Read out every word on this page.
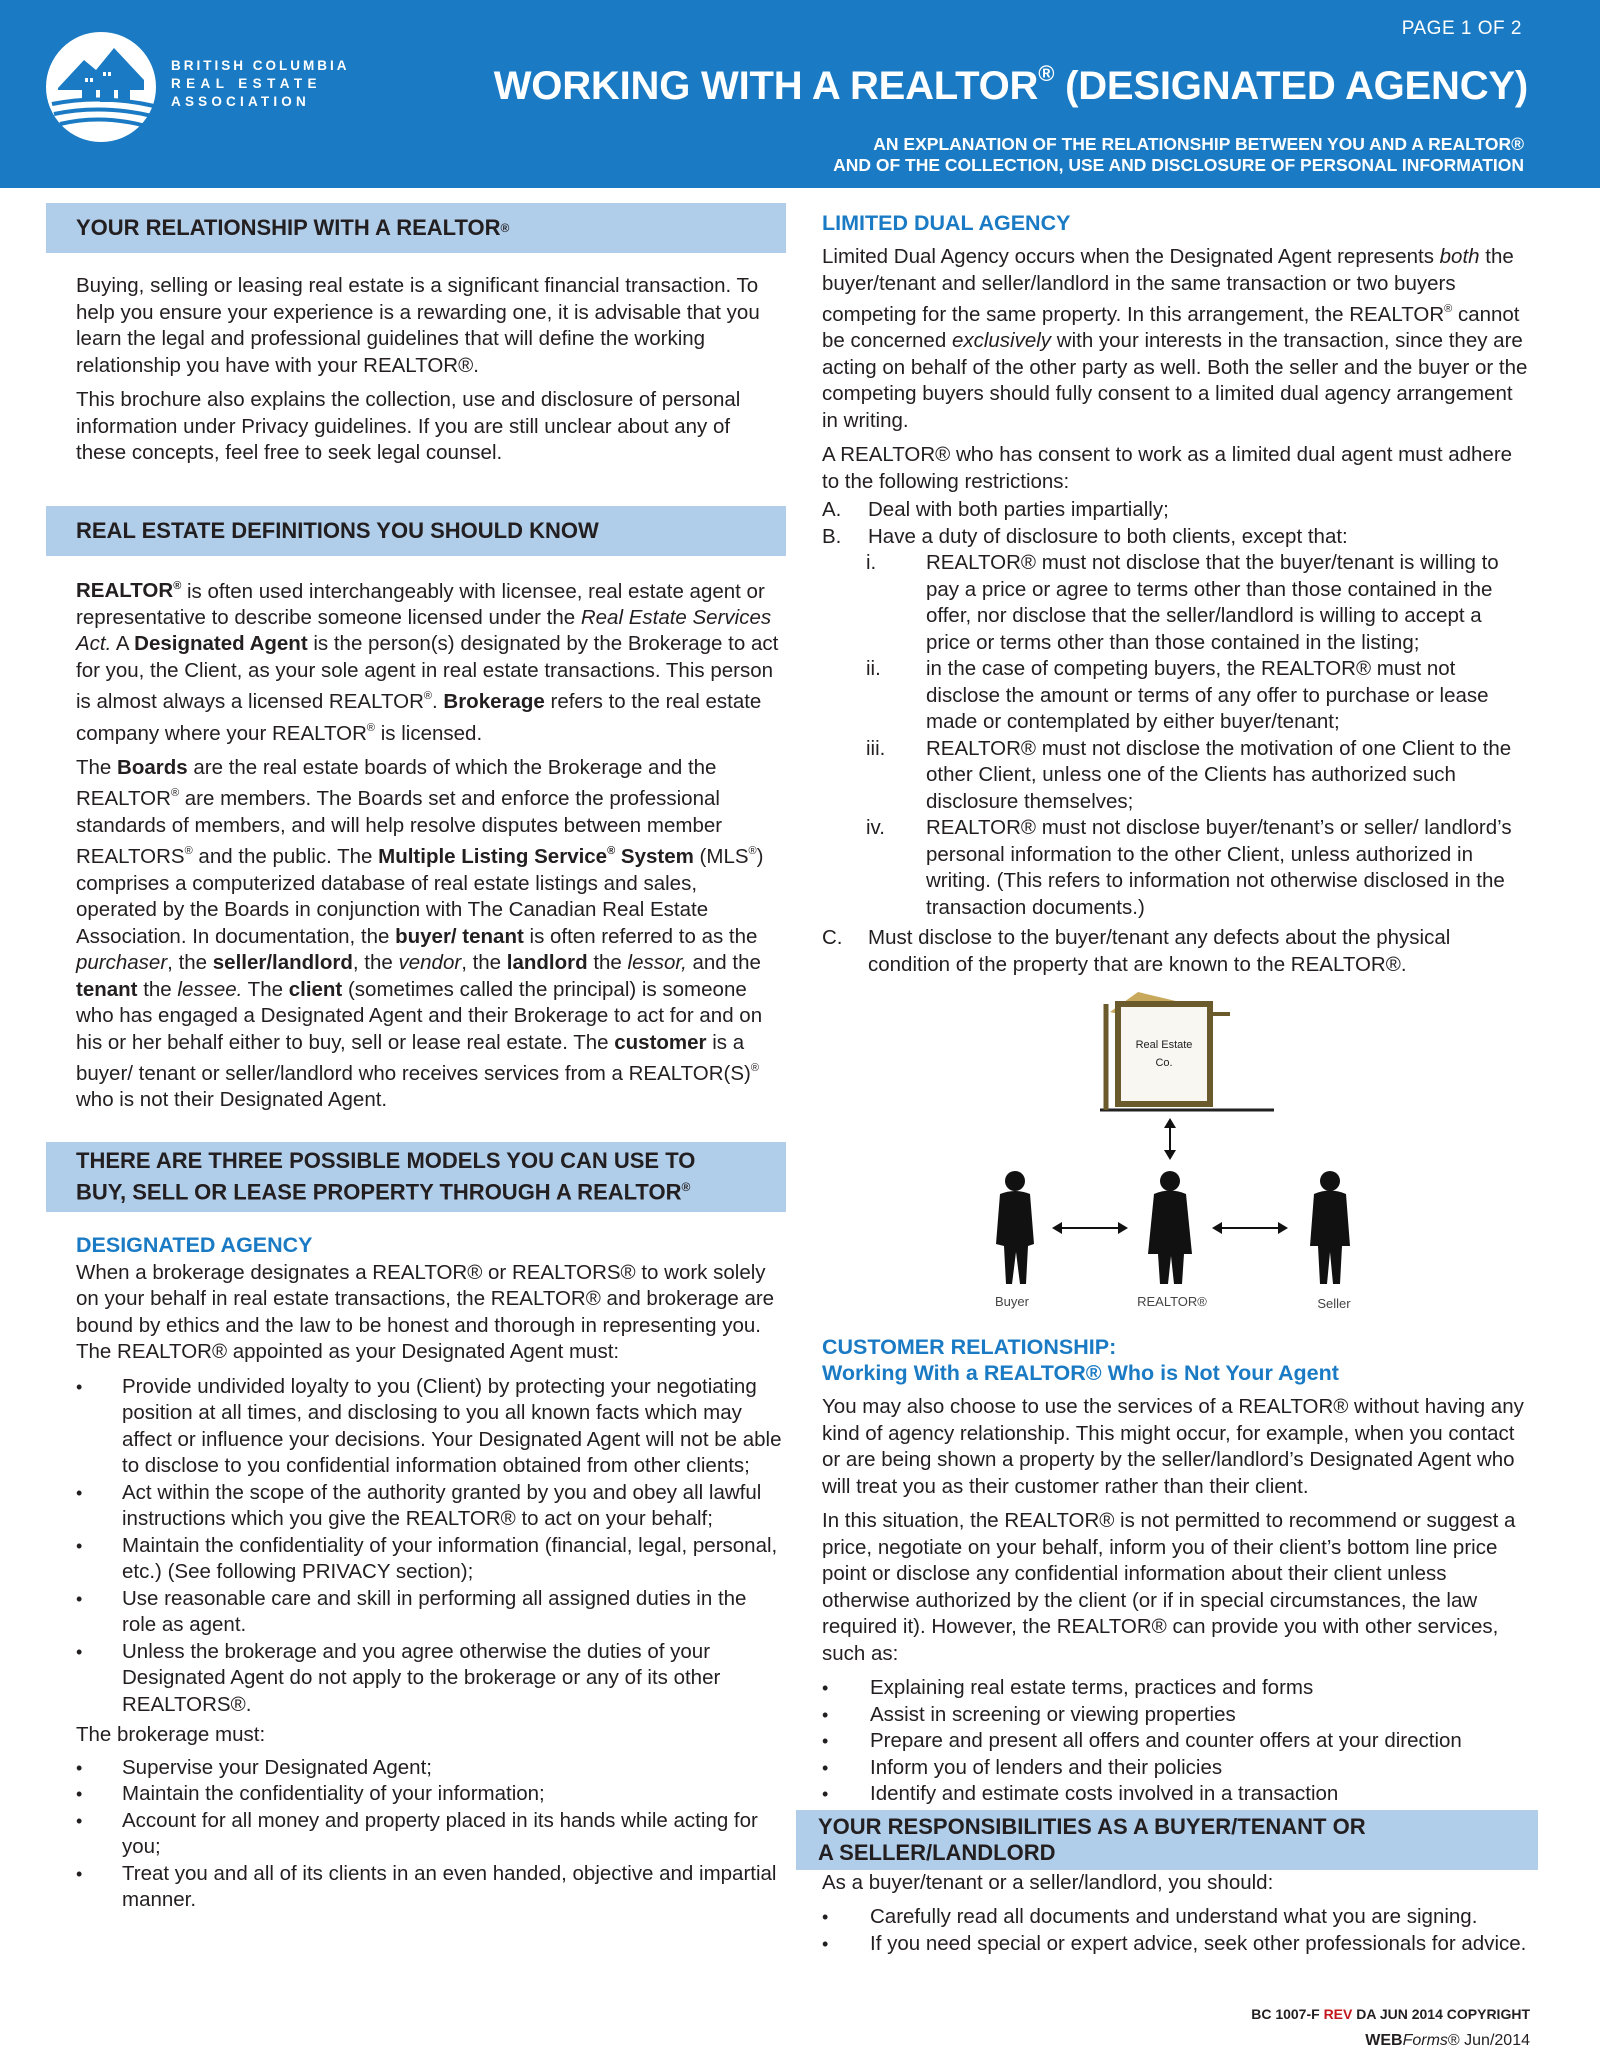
BRITISH COLUMBIA
REAL ESTATE
ASSOCIATION
PAGE 1 OF 2
WORKING WITH A REALTOR® (DESIGNATED AGENCY)
AN EXPLANATION OF THE RELATIONSHIP BETWEEN YOU AND A REALTOR®
AND OF THE COLLECTION, USE AND DISCLOSURE OF PERSONAL INFORMATION
YOUR RELATIONSHIP WITH A REALTOR ®

Buying, selling or leasing real estate is a significant financial transaction. To help you ensure your experience is a rewarding one, it is advisable that you learn the legal and professional guidelines that will define the working relationship you have with your REALTOR®.

This brochure also explains the collection, use and disclosure of personal information under Privacy guidelines. If you are still unclear about any of these concepts, feel free to seek legal counsel.

REAL ESTATE DEFINITIONS YOU SHOULD KNOW

REALTOR® is often used interchangeably with licensee, real estate agent or representative to describe someone licensed under the Real Estate Services Act. A Designated Agent is the person(s) designated by the Brokerage to act for you, the Client, as your sole agent in real estate transactions. This person is almost always a licensed REALTOR®. Brokerage refers to the real estate company where your REALTOR® is licensed.

The Boards are the real estate boards of which the Brokerage and the REALTOR® are members. The Boards set and enforce the professional standards of members, and will help resolve disputes between member REALTORS® and the public. The Multiple Listing Service® System (MLS®) comprises a computerized database of real estate listings and sales, operated by the Boards in conjunction with The Canadian Real Estate Association. In documentation, the buyer/ tenant is often referred to as the purchaser, the seller/landlord, the vendor, the landlord the lessor, and the tenant the lessee. The client (sometimes called the principal) is someone who has engaged a Designated Agent and their Brokerage to act for and on his or her behalf either to buy, sell or lease real estate. The customer is a buyer/ tenant or seller/landlord who receives services from a REALTOR(S)® who is not their Designated Agent.

THERE ARE THREE POSSIBLE MODELS YOU CAN USE TO
BUY, SELL OR LEASE PROPERTY THROUGH A REALTOR®
DESIGNATED AGENCY

When a brokerage designates a REALTOR® or REALTORS® to work solely on your behalf in real estate transactions, the REALTOR® and brokerage are bound by ethics and the law to be honest and thorough in representing you. The REALTOR® appointed as your Designated Agent must:

• Provide undivided loyalty to you (Client) by protecting your negotiating position at all times, and disclosing to you all known facts which may affect or influence your decisions. Your Designated Agent will not be able to disclose to you confidential information obtained from other clients;
• Act within the scope of the authority granted by you and obey all lawful instructions which you give the REALTOR® to act on your behalf;
• Maintain the confidentiality of your information (financial, legal, personal, etc.) (See following PRIVACY section);
• Use reasonable care and skill in performing all assigned duties in the role as agent.
• Unless the brokerage and you agree otherwise the duties of your Designated Agent do not apply to the brokerage or any of its other REALTORS®.

The brokerage must:

• Supervise your Designated Agent;
• Maintain the confidentiality of your information;
• Account for all money and property placed in its hands while acting for you;
• Treat you and all of its clients in an even handed, objective and impartial manner.
LIMITED DUAL AGENCY

Limited Dual Agency occurs when the Designated Agent represents both the buyer/tenant and seller/landlord in the same transaction or two buyers competing for the same property. In this arrangement, the REALTOR® cannot be concerned exclusively with your interests in the transaction, since they are acting on behalf of the other party as well. Both the seller and the buyer or the competing buyers should fully consent to a limited dual agency arrangement in writing.

A REALTOR® who has consent to work as a limited dual agent must adhere to the following restrictions:

A. Deal with both parties impartially;
B. Have a duty of disclosure to both clients, except that:
i.	REALTOR® must not disclose that the buyer/tenant is willing to pay a price or agree to terms other than those contained in the offer, nor disclose that the seller/landlord is willing to accept a price or terms other than those contained in the listing;
ii.	in the case of competing buyers, the REALTOR® must not disclose the amount or terms of any offer to purchase or lease made or contemplated by either buyer/tenant;
iii.	REALTOR® must not disclose the motivation of one Client to the other Client, unless one of the Clients has authorized such disclosure themselves;
iv.	REALTOR® must not disclose buyer/tenant’s or seller/ landlord’s personal information to the other Client, unless authorized in writing. (This refers to information not otherwise disclosed in the transaction documents.)
C. Must disclose to the buyer/tenant any defects about the physical condition of the property that are known to the REALTOR®.
Real Estate
Co.
Buyer	REALTOR®	Seller
CUSTOMER RELATIONSHIP:
Working With a REALTOR® Who is Not Your Agent

You may also choose to use the services of a REALTOR® without having any kind of agency relationship. This might occur, for example, when you contact or are being shown a property by the seller/landlord’s Designated Agent who will treat you as their customer rather than their client.

In this situation, the REALTOR® is not permitted to recommend or suggest a price, negotiate on your behalf, inform you of their client’s bottom line price point or disclose any confidential information about their client unless otherwise authorized by the client (or if in special circumstances, the law required it). However, the REALTOR® can provide you with other services, such as:

• Explaining real estate terms, practices and forms
• Assist in screening or viewing properties
• Prepare and present all offers and counter offers at your direction
• Inform you of lenders and their policies
• Identify and estimate costs involved in a transaction
YOUR RESPONSIBILITIES AS A BUYER/TENANT OR
A SELLER/LANDLORD

As a buyer/tenant or a seller/landlord, you should:

• Carefully read all documents and understand what you are signing.
• If you need special or expert advice, seek other professionals for advice.
BC 1007-F REV DA JUN 2014 COPYRIGHT
WEBForms® Jun/2014
